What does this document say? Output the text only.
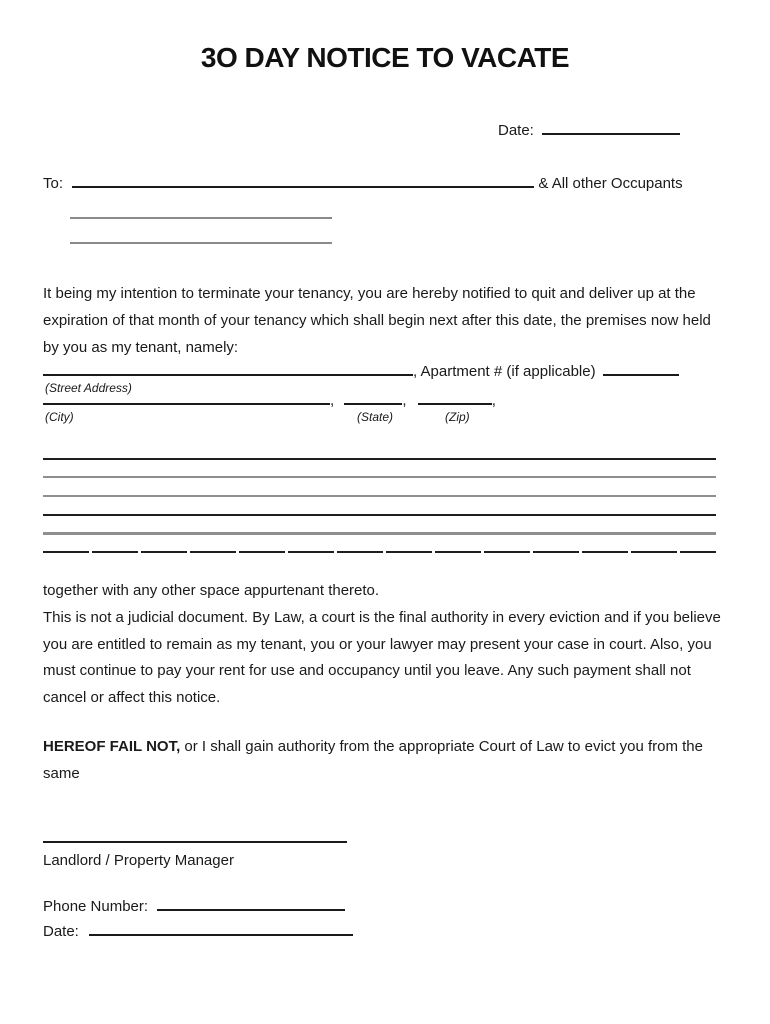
3O DAY NOTICE TO VACATE
Date:
To:	& All other Occupants
It being my intention to terminate your tenancy, you are hereby notified to quit and deliver up at the expiration of that month of your tenancy which shall begin next after this date, the premises now held by you as my tenant, namely:
, Apartment # (if applicable)
(Street Address)
,	,	,
(City)	(State)	(Zip)
together with any other space appurtenant thereto.
This is not a judicial document. By Law, a court is the final authority in every eviction and if you believe you are entitled to remain as my tenant, you or your lawyer may present your case in court. Also, you must continue to pay your rent for use and occupancy until you leave. Any such payment shall not cancel or affect this notice.
HEREOF FAIL NOT, or I shall gain authority from the appropriate Court of Law to evict you from the same
Landlord / Property Manager
Phone Number:
Date:
